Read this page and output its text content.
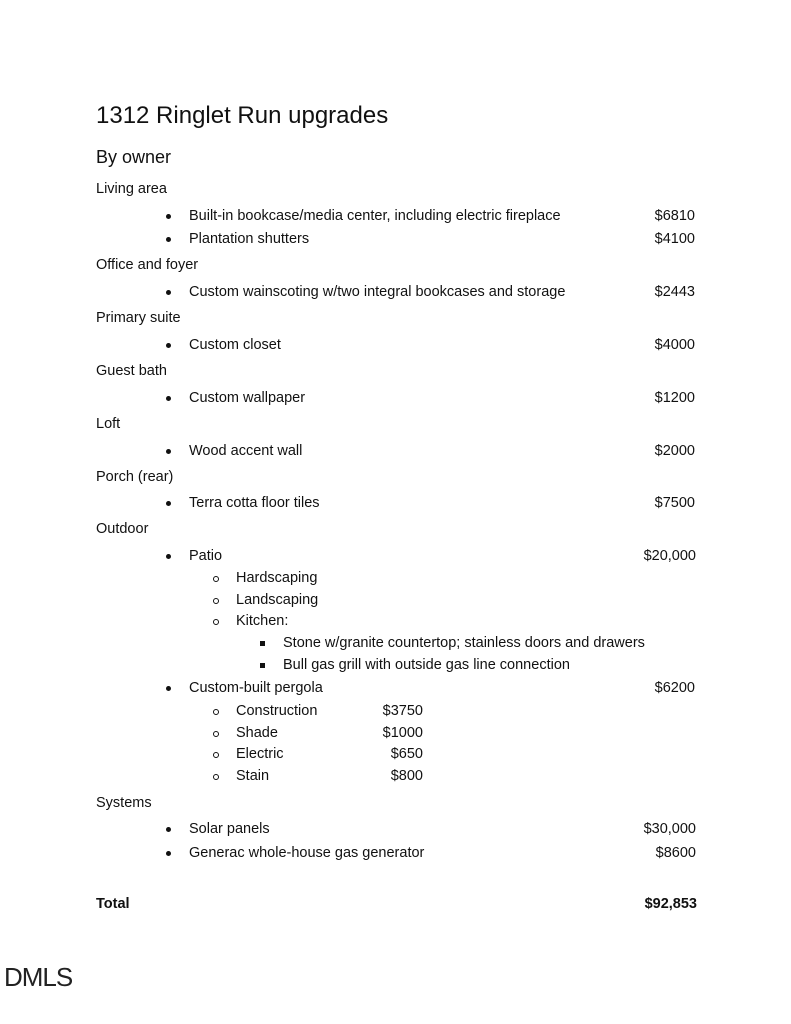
1312 Ringlet Run upgrades
By owner
Living area
Built-in bookcase/media center, including electric fireplace	$6810
Plantation shutters	$4100
Office and foyer
Custom wainscoting w/two integral bookcases and storage	$2443
Primary suite
Custom closet	$4000
Guest bath
Custom wallpaper	$1200
Loft
Wood accent wall	$2000
Porch (rear)
Terra cotta floor tiles	$7500
Outdoor
Patio	$20,000
Hardscaping
Landscaping
Kitchen:
Stone w/granite countertop; stainless doors and drawers
Bull gas grill with outside gas line connection
Custom-built pergola	$6200
Construction	$3750
Shade	$1000
Electric	$650
Stain	$800
Systems
Solar panels	$30,000
Generac whole-house gas generator	$8600
Total	$92,853
DMLS
